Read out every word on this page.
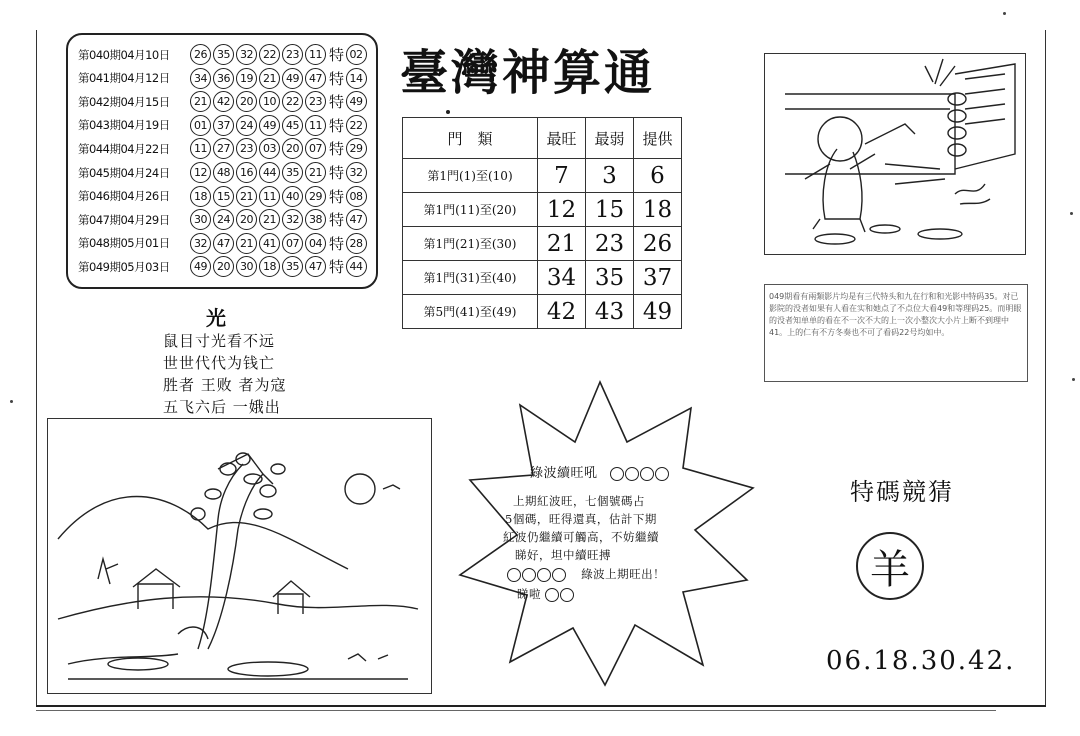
第040期04月10日	26 35 32 22 23 11 特 02
第041期04月12日	34 36 19 21 49 47 特 14
第042期04月15日	21 42 20 10 22 23 特 49
第043期04月19日	01 37 24 49 45 11 特 22
第044期04月22日	11 27 23 03 20 07 特 29
第045期04月24日	12 48 16 44 35 21 特 32
第046期04月26日	18 15 21 11 40 29 特 08
第047期04月29日	30 24 20 21 32 38 特 47
第048期05月01日	32 47 21 41 07 04 特 28
第049期05月03日	49 20 30 18 35 47 特 44
臺灣神算通
門　類	最旺	最弱	提供
第1門(1)至(10)	7	3	6
第1門(11)至(20)	12	15	18
第1門(21)至(30)	21	23	26
第1門(31)至(40)	34	35	37
第5門(41)至(49)	42	43	49
光
鼠目寸光看不远
世世代代为钱亡
胜者 王败 者为寇
五飞六后 一娥出
049期看有兩類影片均是有三代特头和九在行和和光影中特码35。对已影院的没者如果有人看在实和她点了不点位大看49和等理码25。而明眼的没者知单单的看在不一次不大的上一次小整次大小片上断不到理中41。上的仁有不方冬奏也不可了看码22号均如中。
綠波續旺吼
上期紅波旺，七個號碼占
5個碼，旺得還真，估計下期
紅波仍繼續可觸高，不妨繼續
睇好，坦中續旺搏
綠波上期旺出！
睇啦
特碼競猜
羊
06.18.30.42.
